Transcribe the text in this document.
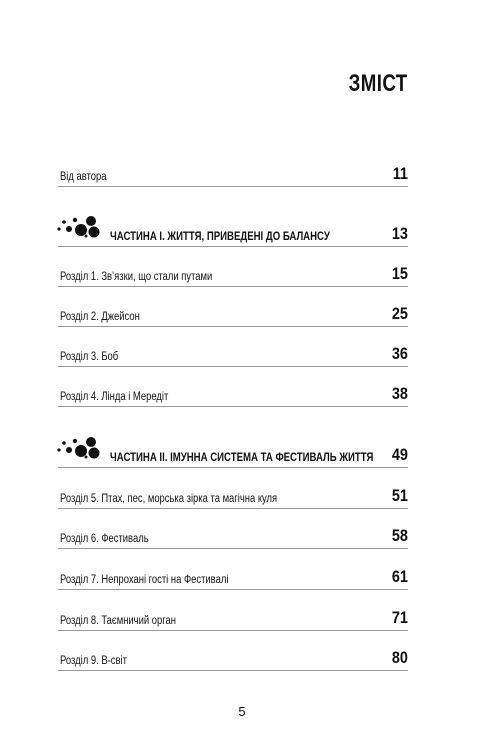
ЗМІСТ
Від автора	11
ЧАСТИНА I. ЖИТТЯ, ПРИВЕДЕНІ ДО БАЛАНСУ	13
Розділ 1. Зв’язки, що стали путами	15
Розділ 2. Джейсон	25
Розділ 3. Боб	36
Розділ 4. Лінда і Мередіт	38
ЧАСТИНА II. ІМУННА СИСТЕМА ТА ФЕСТИВАЛЬ ЖИТТЯ 49
Розділ 5. Птах, пес, морська зірка та магічна куля	51
Розділ 6. Фестиваль	58
Розділ 7. Непрохані гості на Фестивалі	61
Розділ 8. Таємничий орган	71
Розділ 9. В-світ	80
5
